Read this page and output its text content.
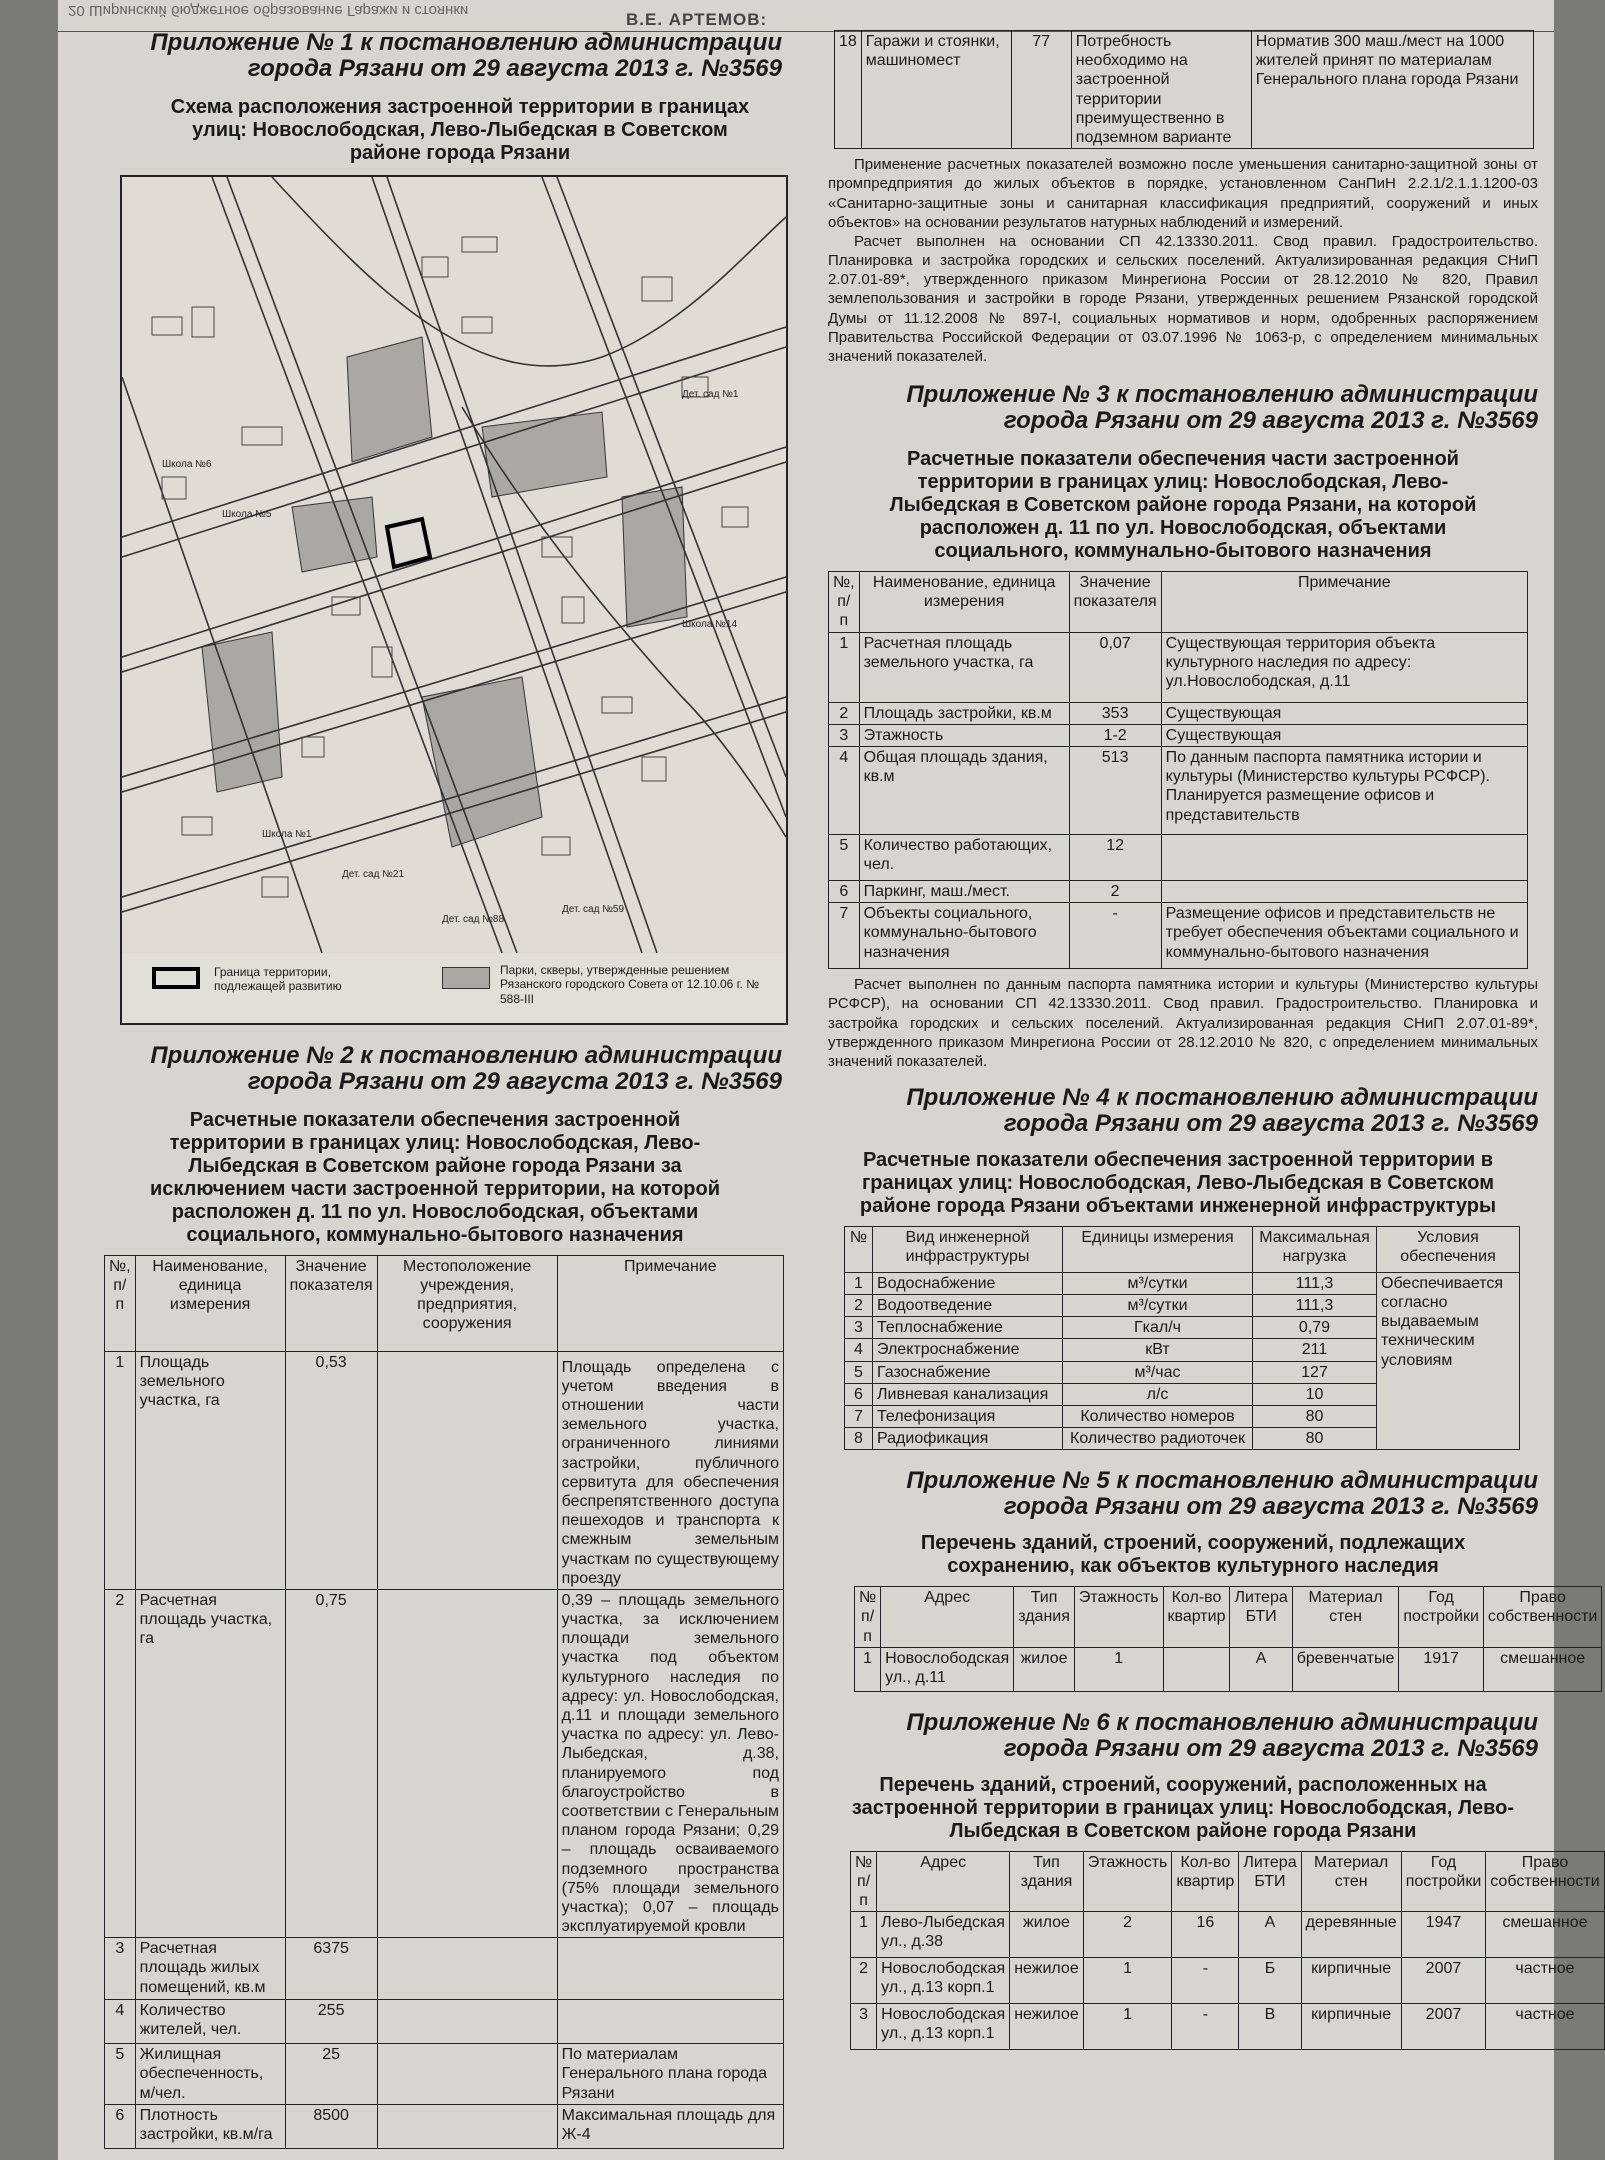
20 Ширинский бюджетное образование Гаражи и стоянки	В.Е. АРТЕМОВ:
Приложение № 1 к постановлению администрации города Рязани от 29 августа 2013 г. №3569
Схема расположения застроенной территории в границах улиц: Новослободская, Лево-Лыбедская в Советском районе города Рязани
Школа №6
Школа №5
Дет. сад №1
Школа №14
Дет. сад №59
Дет. сад №88
Дет. сад №21
Школа №1
Граница территории, подлежащей развитию
Парки, скверы, утвержденные решением Рязанского городского Совета от 12.10.06 г. № 588-III
Приложение № 2 к постановлению администрации города Рязани от 29 августа 2013 г. №3569
Расчетные показатели обеспечения застроенной территории в границах улиц: Новослободская, Лево-Лыбедская в Советском районе города Рязани за исключением части застроенной территории, на которой расположен д. 11 по ул. Новослободская, объектами социального, коммунально-бытового назначения
№, п/п	Наименование, единица измерения	Значение показателя	Местоположение учреждения, предприятия, сооружения	Примечание
1	Площадь земельного участка, га	0,53		Площадь определена с учетом введения в отношении части земельного участка, ограниченного линиями застройки, публичного сервитута для обеспечения беспрепятственного доступа пешеходов и транспорта к смежным земельным участкам по существующему проезду
2	Расчетная площадь участка, га	0,75		0,39 – площадь земельного участка, за исключением площади земельного участка под объектом культурного наследия по адресу: ул. Новослободская, д.11 и площади земельного участка по адресу: ул. Лево-Лыбедская, д.38, планируемого под благоустройство в соответствии с Генеральным планом города Рязани; 0,29 – площадь осваиваемого подземного пространства (75% площади земельного участка); 0,07 – площадь эксплуатируемой кровли
3	Расчетная площадь жилых помещений, кв.м	6375		
4	Количество жителей, чел.	255		
5	Жилищная обеспеченность, м/чел.	25		По материалам Генерального плана города Рязани
6	Плотность застройки, кв.м/га	8500		Максимальная площадь для Ж-4
18	Гаражи и стоянки, машиномест	77	Потребность необходимо на застроенной территории преимущественно в подземном варианте	Норматив 300 маш./мест на 1000 жителей принят по материалам Генерального плана города Рязани
Применение расчетных показателей возможно после уменьшения санитарно-защитной зоны от промпредприятия до жилых объектов в порядке, установленном СанПиН 2.2.1/2.1.1.1200-03 «Санитарно-защитные зоны и санитарная классификация предприятий, сооружений и иных объектов» на основании результатов натурных наблюдений и измерений.
Расчет выполнен на основании СП 42.13330.2011. Свод правил. Градостроительство. Планировка и застройка городских и сельских поселений. Актуализированная редакция СНиП 2.07.01-89*, утвержденного приказом Минрегиона России от 28.12.2010 № 820, Правил землепользования и застройки в городе Рязани, утвержденных решением Рязанской городской Думы от 11.12.2008 № 897-I, социальных нормативов и норм, одобренных распоряжением Правительства Российской Федерации от 03.07.1996 № 1063-р, с определением минимальных значений показателей.
Приложение № 3 к постановлению администрации города Рязани от 29 августа 2013 г. №3569
Расчетные показатели обеспечения части застроенной территории в границах улиц: Новослободская, Лево-Лыбедская в Советском районе города Рязани, на которой расположен д. 11 по ул. Новослободская, объектами социального, коммунально-бытового назначения
№, п/п	Наименование, единица измерения	Значение показателя	Примечание
1	Расчетная площадь земельного участка, га	0,07	Существующая территория объекта культурного наследия по адресу: ул.Новослободская, д.11
2	Площадь застройки, кв.м	353	Существующая
3	Этажность	1-2	Существующая
4	Общая площадь здания, кв.м	513	По данным паспорта памятника истории и культуры (Министерство культуры РСФСР). Планируется размещение офисов и представительств
5	Количество работающих, чел.	12	
6	Паркинг, маш./мест.	2	
7	Объекты социального, коммунально-бытового назначения	-	Размещение офисов и представительств не требует обеспечения объектами социального и коммунально-бытового назначения
Расчет выполнен по данным паспорта памятника истории и культуры (Министерство культуры РСФСР), на основании СП 42.13330.2011. Свод правил. Градостроительство. Планировка и застройка городских и сельских поселений. Актуализированная редакция СНиП 2.07.01-89*, утвержденного приказом Минрегиона России от 28.12.2010 № 820, с определением минимальных значений показателей.
Приложение № 4 к постановлению администрации города Рязани от 29 августа 2013 г. №3569
Расчетные показатели обеспечения застроенной территории в границах улиц: Новослободская, Лево-Лыбедская в Советском районе города Рязани объектами инженерной инфраструктуры
№	Вид инженерной инфраструктуры	Единицы измерения	Максимальная нагрузка	Условия обеспечения
1	Водоснабжение	м³/сутки	111,3	Обеспечивается согласно выдаваемым техническим условиям
2	Водоотведение	м³/сутки	111,3	
3	Теплоснабжение	Гкал/ч	0,79	
4	Электроснабжение	кВт	211	
5	Газоснабжение	м³/час	127	
6	Ливневая канализация	л/с	10	
7	Телефонизация	Количество номеров	80	
8	Радиофикация	Количество радиоточек	80	
Приложение № 5 к постановлению администрации города Рязани от 29 августа 2013 г. №3569
Перечень зданий, строений, сооружений, подлежащих сохранению, как объектов культурного наследия
№ п/п	Адрес	Тип здания	Этажность	Кол-во квартир	Литера БТИ	Материал стен	Год постройки	Право собственности
1	Новослободская ул., д.11	жилое	1		А	бревенчатые	1917	смешанное
Приложение № 6 к постановлению администрации города Рязани от 29 августа 2013 г. №3569
Перечень зданий, строений, сооружений, расположенных на застроенной территории в границах улиц: Новослободская, Лево-Лыбедская в Советском районе города Рязани
№ п/п	Адрес	Тип здания	Этажность	Кол-во квартир	Литера БТИ	Материал стен	Год постройки	Право собственности
1	Лево-Лыбедская ул., д.38	жилое	2	16	А	деревянные	1947	смешанное
2	Новослободская ул., д.13 корп.1	нежилое	1	-	Б	кирпичные	2007	частное
3	Новослободская ул., д.13 корп.1	нежилое	1	-	В	кирпичные	2007	частное
